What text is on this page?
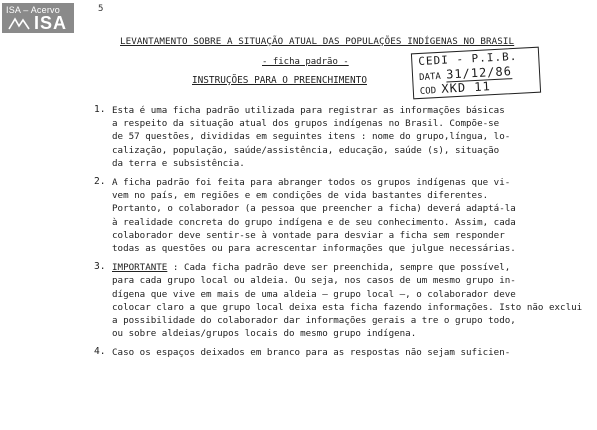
ISA – Acervo
ISA
5
LEVANTAMENTO SOBRE A SITUAÇÃO ATUAL DAS POPULAÇÕES INDÍGENAS NO BRASIL
- ficha padrão -
INSTRUÇÕES PARA O PREENCHIMENTO
CEDI - P.I.B.
DATA 31/12/86
COD XKD 11
1. Esta é uma ficha padrão utilizada para registrar as informações básicas
a respeito da situação atual dos grupos indígenas no Brasil. Compõe-se
de 57 questões, divididas em seguintes itens : nome do grupo,língua, lo-
calização, população, saúde/assistência, educação, saúde (s), situação
da terra e subsistência.
2. A ficha padrão foi feita para abranger todos os grupos indígenas que vi-
vem no país, em regiões e em condições de vida bastantes diferentes.
Portanto, o colaborador (a pessoa que preencher a ficha) deverá adaptá-la
à realidade concreta do grupo indígena e de seu conhecimento. Assim, cada
colaborador deve sentir-se à vontade para desviar a ficha sem responder
todas as questões ou para acrescentar informações que julgue necessárias.
3. IMPORTANTE : Cada ficha padrão deve ser preenchida, sempre que possível,
para cada grupo local ou aldeia. Ou seja, nos casos de um mesmo grupo in-
dígena que vive em mais de uma aldeia – grupo local –, o colaborador deve
colocar claro a que grupo local deixa esta ficha fazendo informações. Isto não exclui
a possibilidade do colaborador dar informações gerais a tre o grupo todo,
ou sobre aldeias/grupos locais do mesmo grupo indígena.
4. Caso os espaços deixados em branco para as respostas não sejam suficien-
